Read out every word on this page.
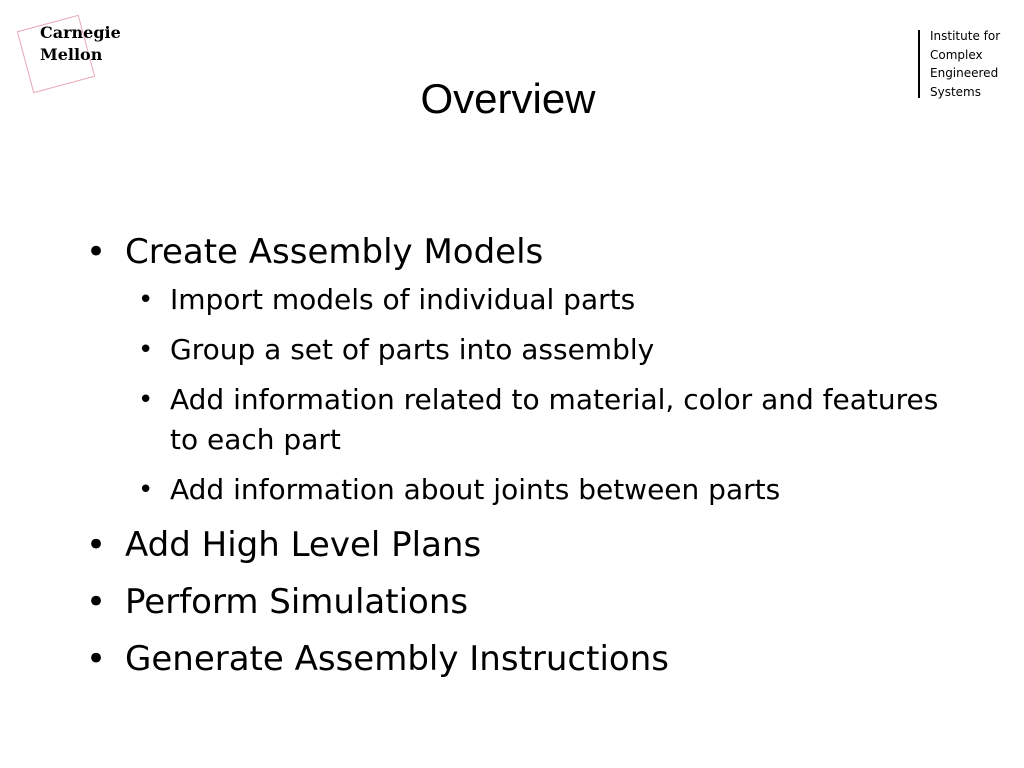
Carnegie
Mellon
Institute for
Complex
Engineered
Systems
Overview
• Create Assembly Models
• Import models of individual parts
• Group a set of parts into assembly
• Add information related to material, color and features to each part
• Add information about joints between parts
• Add High Level Plans
• Perform Simulations
• Generate Assembly Instructions
